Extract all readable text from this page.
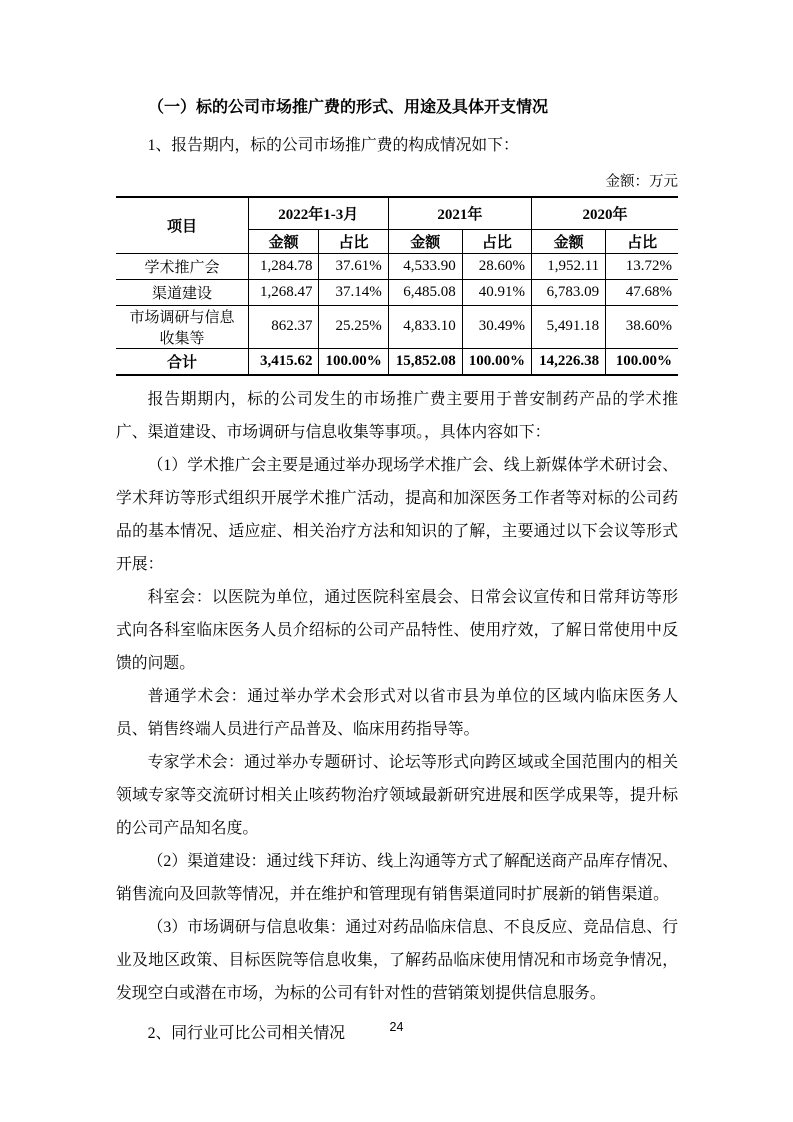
（一）标的公司市场推广费的形式、用途及具体开支情况

1、报告期内，标的公司市场推广费的构成情况如下：

金额：万元
项目	2022年1-3月		2021年		2020年	
	金额	占比	金额	占比	金额	占比
学术推广会	1,284.78	37.61%	4,533.90	28.60%	1,952.11	13.72%
渠道建设	1,268.47	37.14%	6,485.08	40.91%	6,783.09	47.68%
市场调研与信息收集等	862.37	25.25%	4,833.10	30.49%	5,491.18	38.60%
合计	3,415.62	100.00%	15,852.08	100.00%	14,226.38	100.00%

报告期期内，标的公司发生的市场推广费主要用于普安制药产品的学术推广、渠道建设、市场调研与信息收集等事项。，具体内容如下：

（1）学术推广会主要是通过举办现场学术推广会、线上新媒体学术研讨会、学术拜访等形式组织开展学术推广活动，提高和加深医务工作者等对标的公司药品的基本情况、适应症、相关治疗方法和知识的了解，主要通过以下会议等形式开展：

科室会：以医院为单位，通过医院科室晨会、日常会议宣传和日常拜访等形式向各科室临床医务人员介绍标的公司产品特性、使用疗效，了解日常使用中反馈的问题。

普通学术会：通过举办学术会形式对以省市县为单位的区域内临床医务人员、销售终端人员进行产品普及、临床用药指导等。

专家学术会：通过举办专题研讨、论坛等形式向跨区域或全国范围内的相关领域专家等交流研讨相关止咳药物治疗领域最新研究进展和医学成果等，提升标的公司产品知名度。

（2）渠道建设：通过线下拜访、线上沟通等方式了解配送商产品库存情况、销售流向及回款等情况，并在维护和管理现有销售渠道同时扩展新的销售渠道。

（3）市场调研与信息收集：通过对药品临床信息、不良反应、竞品信息、行业及地区政策、目标医院等信息收集，了解药品临床使用情况和市场竞争情况，发现空白或潜在市场，为标的公司有针对性的营销策划提供信息服务。

2、同行业可比公司相关情况	24
